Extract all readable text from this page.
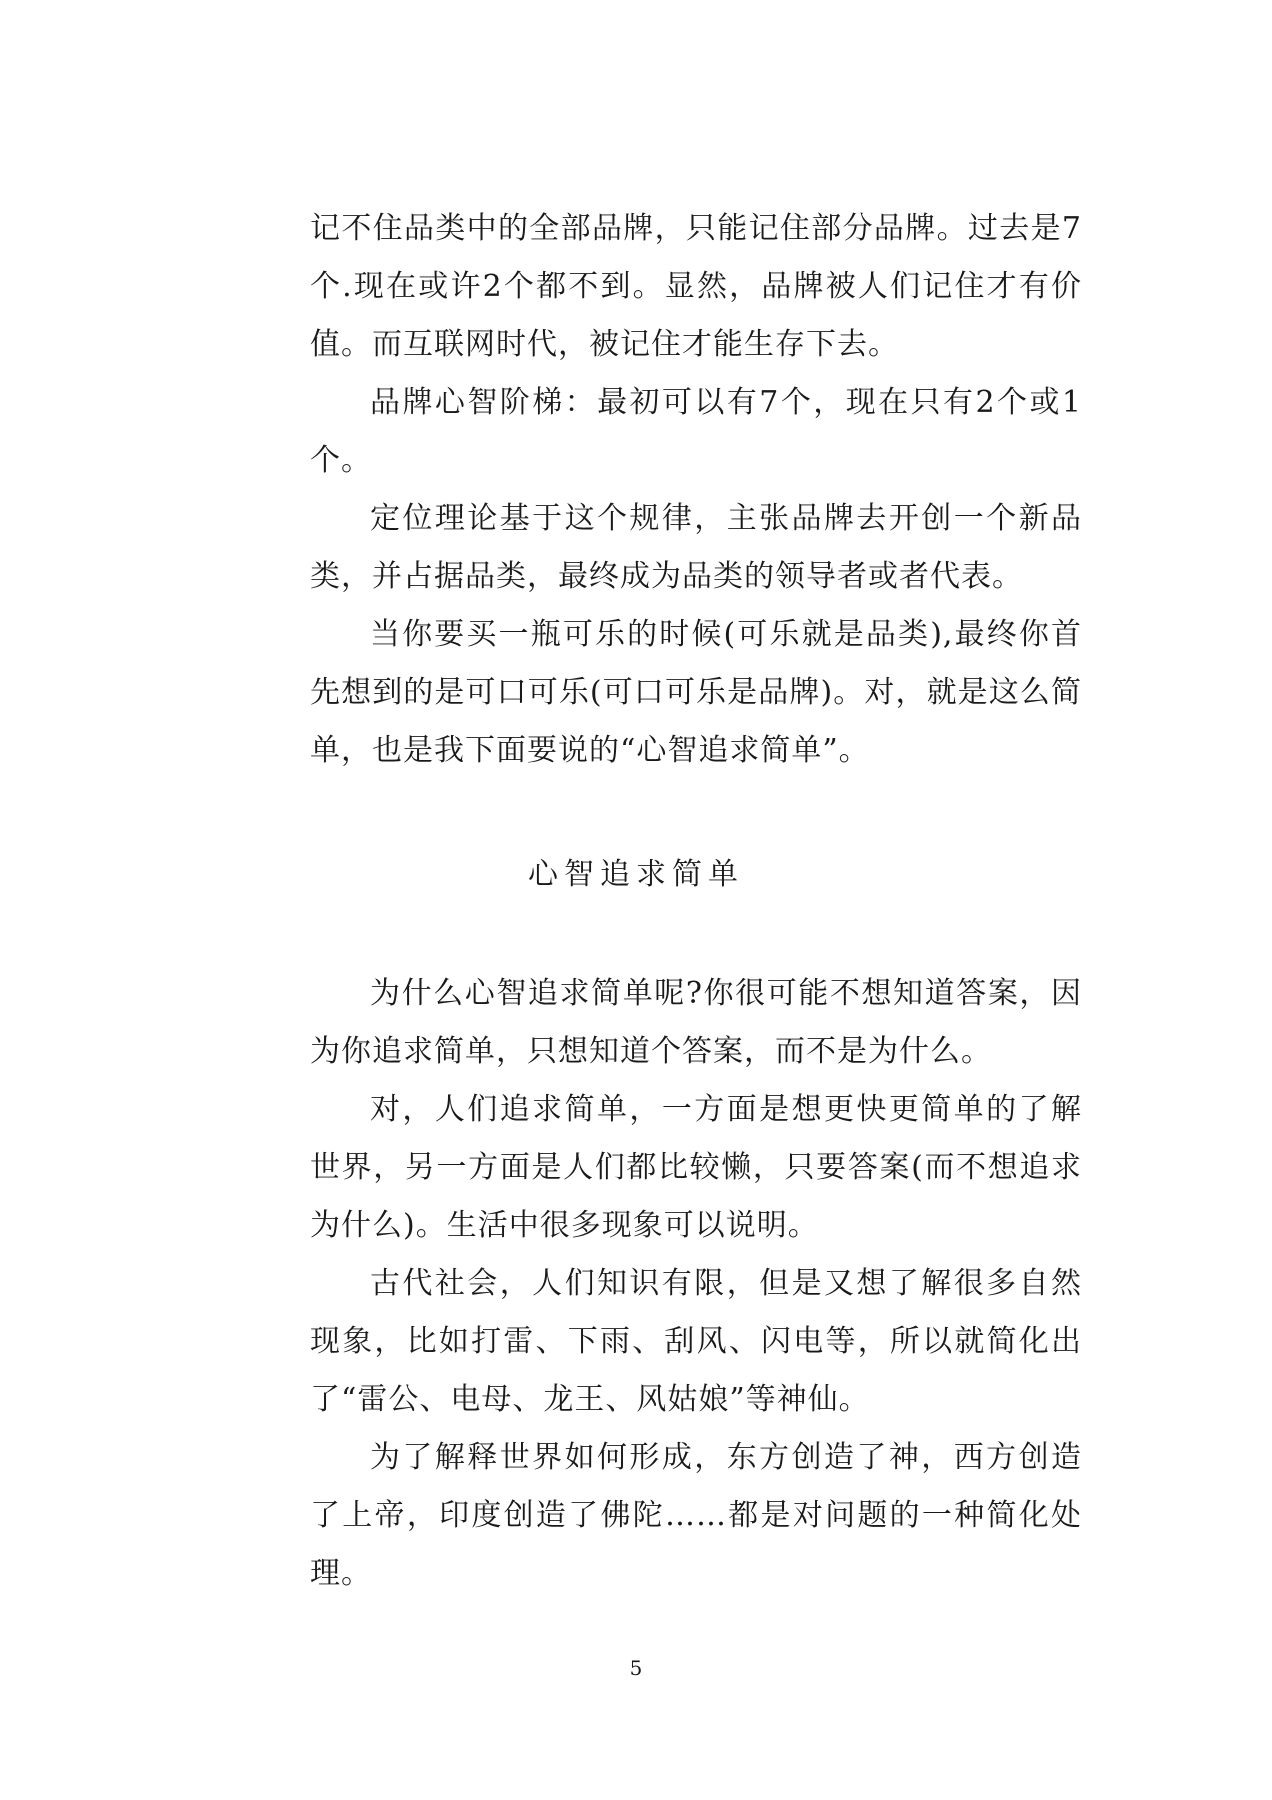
记不住品类中的全部品牌，只能记住部分品牌。过去是7个.现在或许2个都不到。显然，品牌被人们记住才有价值。而互联网时代，被记住才能生存下去。

品牌心智阶梯：最初可以有7个，现在只有2个或1个。

定位理论基于这个规律，主张品牌去开创一个新品类，并占据品类，最终成为品类的领导者或者代表。

当你要买一瓶可乐的时候(可乐就是品类),最终你首先想到的是可口可乐(可口可乐是品牌)。对，就是这么简单，也是我下面要说的“心智追求简单”。

心智追求简单

为什么心智追求简单呢?你很可能不想知道答案，因为你追求简单，只想知道个答案，而不是为什么。

对，人们追求简单，一方面是想更快更简单的了解世界，另一方面是人们都比较懒，只要答案(而不想追求为什么)。生活中很多现象可以说明。

古代社会，人们知识有限，但是又想了解很多自然现象，比如打雷、下雨、刮风、闪电等，所以就简化出了“雷公、电母、龙王、风姑娘”等神仙。

为了解释世界如何形成，东方创造了神，西方创造了上帝，印度创造了佛陀……都是对问题的一种简化处理。

5
